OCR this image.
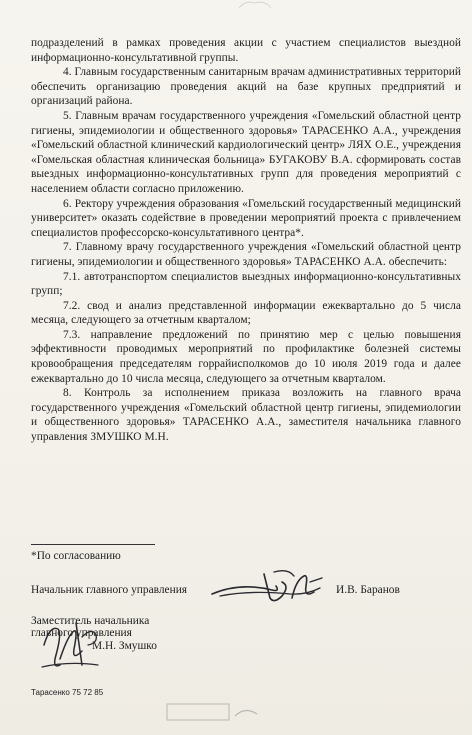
подразделений в рамках проведения акции с участием специалистов выездной информационно-консультативной группы.

4. Главным государственным санитарным врачам административных территорий обеспечить организацию проведения акций на базе крупных предприятий и организаций района.

5. Главным врачам государственного учреждения «Гомельский областной центр гигиены, эпидемиологии и общественного здоровья» ТАРАСЕНКО А.А., учреждения «Гомельский областной клинический кардиологический центр» ЛЯХ О.Е., учреждения «Гомельская областная клиническая больница» БУГАКОВУ В.А. сформировать состав выездных информационно-консультативных групп для проведения мероприятий с населением области согласно приложению.

6. Ректору учреждения образования «Гомельский государственный медицинский университет» оказать содействие в проведении мероприятий проекта с привлечением специалистов профессорско-консультативного центра*.

7. Главному врачу государственного учреждения «Гомельский областной центр гигиены, эпидемиологии и общественного здоровья» ТАРАСЕНКО А.А. обеспечить:

7.1. автотранспортом специалистов выездных информационно-консультативных групп;

7.2. свод и анализ представленной информации ежеквартально до 5 числа месяца, следующего за отчетным кварталом;

7.3. направление предложений по принятию мер с целью повышения эффективности проводимых мероприятий по профилактике болезней системы кровообращения председателям горрайисполкомов до 10 июля 2019 года и далее ежеквартально до 10 числа месяца, следующего за отчетным кварталом.

8. Контроль за исполнением приказа возложить на главного врача государственного учреждения «Гомельский областной центр гигиены, эпидемиологии и общественного здоровья» ТАРАСЕНКО А.А., заместителя начальника главного управления ЗМУШКО М.Н.

*По согласованию
Начальник главного управления	И.В. Баранов
Заместитель начальника
главного управления
М.Н. Змушко
Тарасенко 75 72 85
